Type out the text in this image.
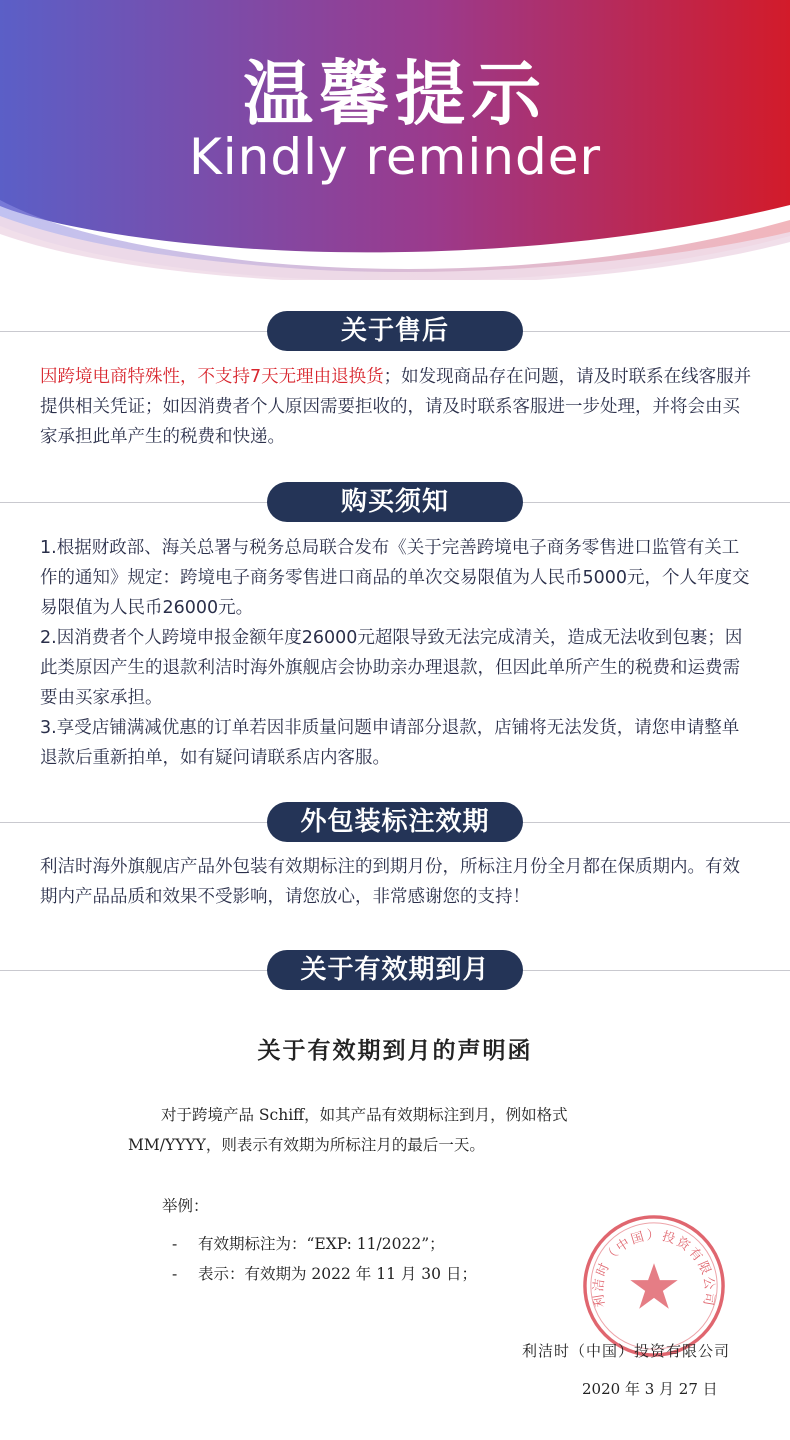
温馨提示
Kindly reminder
关于售后
因跨境电商特殊性，不支持7天无理由退换货；如发现商品存在问题，请及时联系在线客服并提供相关凭证；如因消费者个人原因需要拒收的，请及时联系客服进一步处理，并将会由买家承担此单产生的税费和快递。
购买须知

1.根据财政部、海关总署与税务总局联合发布《关于完善跨境电子商务零售进口监管有关工作的通知》规定：跨境电子商务零售进口商品的单次交易限值为人民币5000元，个人年度交易限值为人民币26000元。

2.因消费者个人跨境申报金额年度26000元超限导致无法完成清关，造成无法收到包裹；因此类原因产生的退款利洁时海外旗舰店会协助亲办理退款，但因此单所产生的税费和运费需要由买家承担。

3.享受店铺满减优惠的订单若因非质量问题申请部分退款，店铺将无法发货，请您申请整单退款后重新拍单，如有疑问请联系店内客服。

外包装标注效期
利洁时海外旗舰店产品外包装有效期标注的到期月份，所标注月份全月都在保质期内。有效期内产品品质和效果不受影响，请您放心，非常感谢您的支持！
关于有效期到月
关于有效期到月的声明函
对于跨境产品 Schiff，如其产品有效期标注到月，例如格式
MM/YYYY，则表示有效期为所标注月的最后一天。
举例：
- 有效期标注为：“EXP: 11/2022”；
- 表示：有效期为 2022 年 11 月 30 日；
利洁时（中国）投资有限公司
利洁时（中国）投资有限公司
2020 年 3 月 27 日
